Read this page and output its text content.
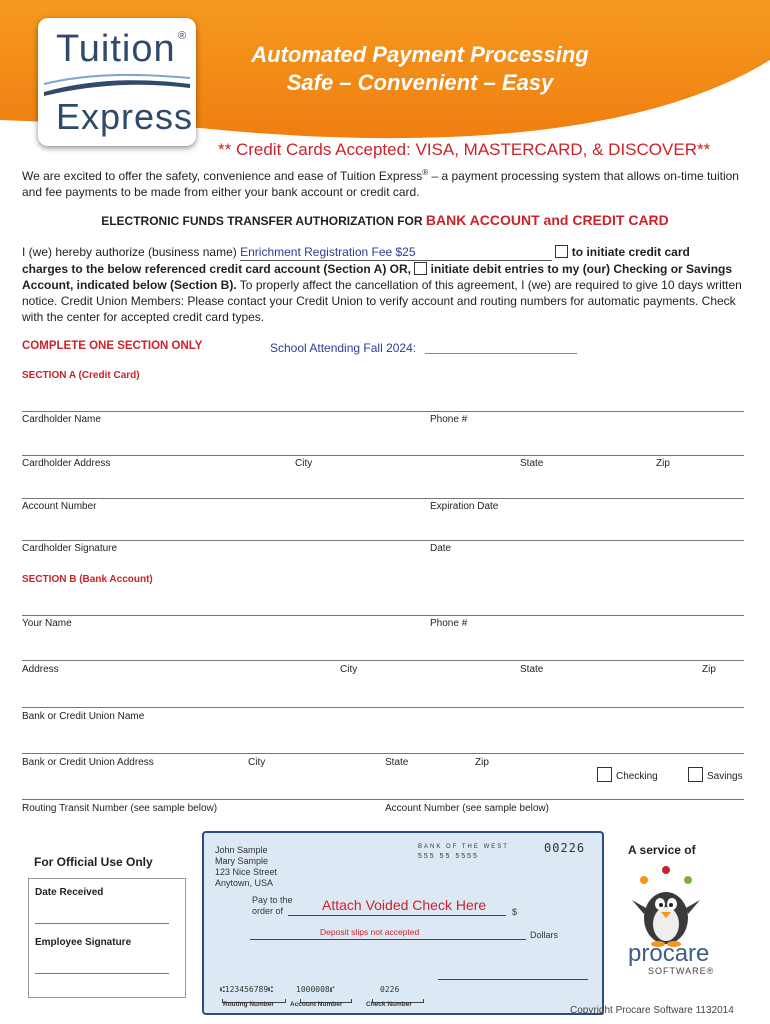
Tuition ®
Express
Automated Payment Processing
Safe – Convenient – Easy
** Credit Cards Accepted: VISA, MASTERCARD, & DISCOVER**
We are excited to offer the safety, convenience and ease of Tuition Express® – a payment processing system that allows on-time tuition and fee payments to be made from either your bank account or credit card.
ELECTRONIC FUNDS TRANSFER AUTHORIZATION FOR BANK ACCOUNT and CREDIT CARD
I (we) hereby authorize (business name) Enrichment Registration Fee $25	to initiate credit card
charges to the below referenced credit card account (Section A) OR,  initiate debit entries to my (our) Checking or Savings Account, indicated below (Section B). To properly affect the cancellation of this agreement, I (we) are required to give 10 days written notice. Credit Union Members: Please contact your Credit Union to verify account and routing numbers for automatic payments. Check with the center for accepted credit card types.
COMPLETE ONE SECTION ONLY	School Attending Fall 2024:
SECTION A (Credit Card)
Cardholder Name	Phone #
Cardholder Address	City	State	Zip
Account Number	Expiration Date
Cardholder Signature	Date
SECTION B (Bank Account)
Your Name	Phone #
Address	City	State	Zip
Bank or Credit Union Name
Bank or Credit Union Address	City	State	Zip
Checking	Savings
Routing Transit Number (see sample below)	Account Number (see sample below)
For Official Use Only
Date Received
Employee Signature
John Sample
Mary Sample
123 Nice Street
Anytown, USA
BANK OF THE WEST
555 55 5555
00226
Pay to the
order of	Attach Voided Check Here	$
Deposit slips not accepted	Dollars
⑆123456789⑆	1000008⑈	0226
Routing Number Account Number	Check Number
A service of
procare
SOFTWARE®
Copyright Procare Software 1132014
